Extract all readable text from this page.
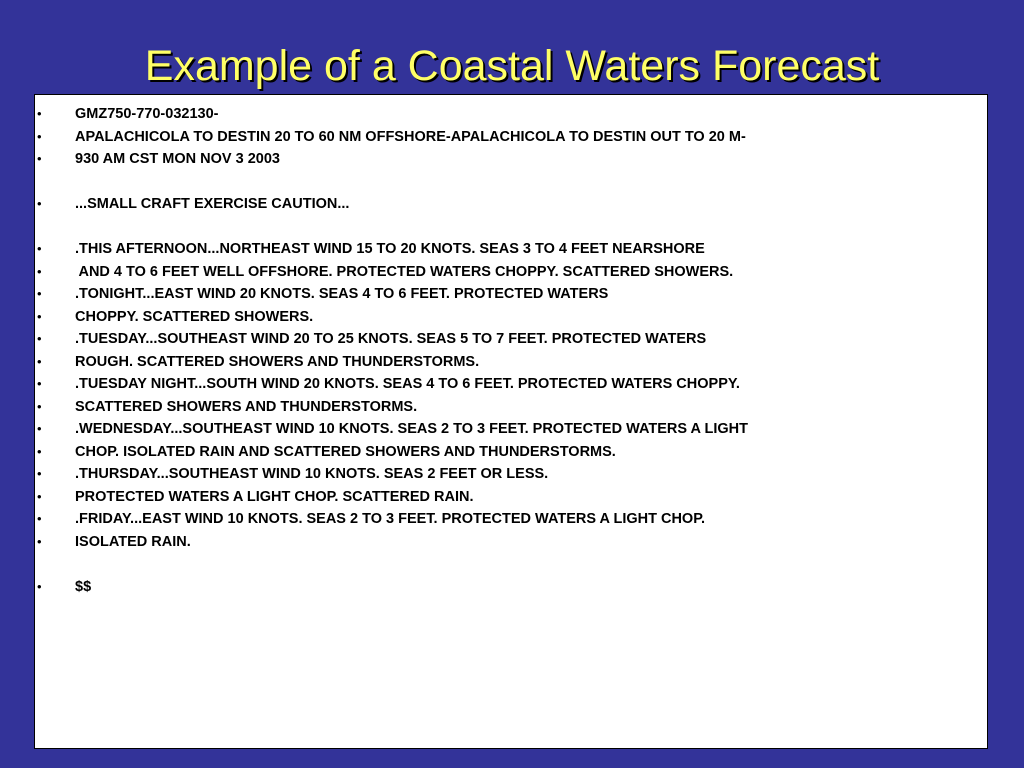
Example of a Coastal Waters Forecast
• GMZ750-770-032130-
• APALACHICOLA TO DESTIN 20 TO 60 NM OFFSHORE-APALACHICOLA TO DESTIN OUT TO 20 M-
• 930 AM CST MON NOV 3 2003
• ...SMALL CRAFT EXERCISE CAUTION...
• .THIS AFTERNOON...NORTHEAST WIND 15 TO 20 KNOTS. SEAS 3 TO 4 FEET NEARSHORE
• AND 4 TO 6 FEET WELL OFFSHORE. PROTECTED WATERS CHOPPY. SCATTERED SHOWERS.
• .TONIGHT...EAST WIND 20 KNOTS. SEAS 4 TO 6 FEET. PROTECTED WATERS
• CHOPPY. SCATTERED SHOWERS.
• .TUESDAY...SOUTHEAST WIND 20 TO 25 KNOTS. SEAS 5 TO 7 FEET. PROTECTED WATERS
• ROUGH. SCATTERED SHOWERS AND THUNDERSTORMS.
• .TUESDAY NIGHT...SOUTH WIND 20 KNOTS. SEAS 4 TO 6 FEET. PROTECTED WATERS CHOPPY.
• SCATTERED SHOWERS AND THUNDERSTORMS.
• .WEDNESDAY...SOUTHEAST WIND 10 KNOTS. SEAS 2 TO 3 FEET. PROTECTED WATERS A LIGHT
• CHOP. ISOLATED RAIN AND SCATTERED SHOWERS AND THUNDERSTORMS.
• .THURSDAY...SOUTHEAST WIND 10 KNOTS. SEAS 2 FEET OR LESS.
• PROTECTED WATERS A LIGHT CHOP. SCATTERED RAIN.
• .FRIDAY...EAST WIND 10 KNOTS. SEAS 2 TO 3 FEET. PROTECTED WATERS A LIGHT CHOP.
• ISOLATED RAIN.
• $$
